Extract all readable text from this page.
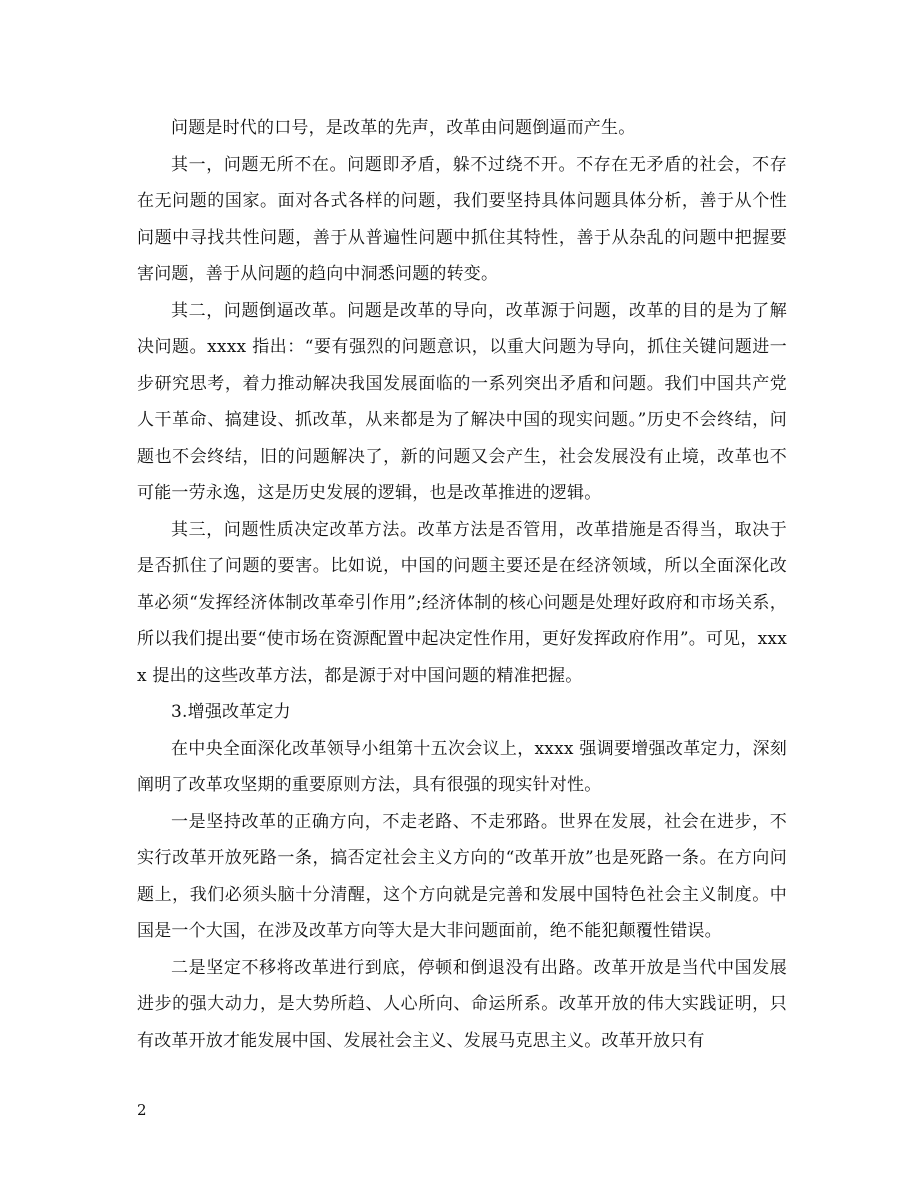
问题是时代的口号，是改革的先声，改革由问题倒逼而产生。

其一，问题无所不在。问题即矛盾，躲不过绕不开。不存在无矛盾的社会，不存在无问题的国家。面对各式各样的问题，我们要坚持具体问题具体分析，善于从个性问题中寻找共性问题，善于从普遍性问题中抓住其特性，善于从杂乱的问题中把握要害问题，善于从问题的趋向中洞悉问题的转变。

其二，问题倒逼改革。问题是改革的导向，改革源于问题，改革的目的是为了解决问题。xxxx 指出：“要有强烈的问题意识，以重大问题为导向，抓住关键问题进一步研究思考，着力推动解决我国发展面临的一系列突出矛盾和问题。我们中国共产党人干革命、搞建设、抓改革，从来都是为了解决中国的现实问题。”历史不会终结，问题也不会终结，旧的问题解决了，新的问题又会产生，社会发展没有止境，改革也不可能一劳永逸，这是历史发展的逻辑，也是改革推进的逻辑。

其三，问题性质决定改革方法。改革方法是否管用，改革措施是否得当，取决于是否抓住了问题的要害。比如说，中国的问题主要还是在经济领域，所以全面深化改革必须“发挥经济体制改革牵引作用”;经济体制的核心问题是处理好政府和市场关系，所以我们提出要“使市场在资源配置中起决定性作用，更好发挥政府作用”。可见，xxxx 提出的这些改革方法，都是源于对中国问题的精准把握。

3.增强改革定力

在中央全面深化改革领导小组第十五次会议上，xxxx 强调要增强改革定力，深刻阐明了改革攻坚期的重要原则方法，具有很强的现实针对性。

一是坚持改革的正确方向，不走老路、不走邪路。世界在发展，社会在进步，不实行改革开放死路一条，搞否定社会主义方向的“改革开放”也是死路一条。在方向问题上，我们必须头脑十分清醒，这个方向就是完善和发展中国特色社会主义制度。中国是一个大国，在涉及改革方向等大是大非问题面前，绝不能犯颠覆性错误。

二是坚定不移将改革进行到底，停顿和倒退没有出路。改革开放是当代中国发展进步的强大动力，是大势所趋、人心所向、命运所系。改革开放的伟大实践证明，只有改革开放才能发展中国、发展社会主义、发展马克思主义。改革开放只有

2
